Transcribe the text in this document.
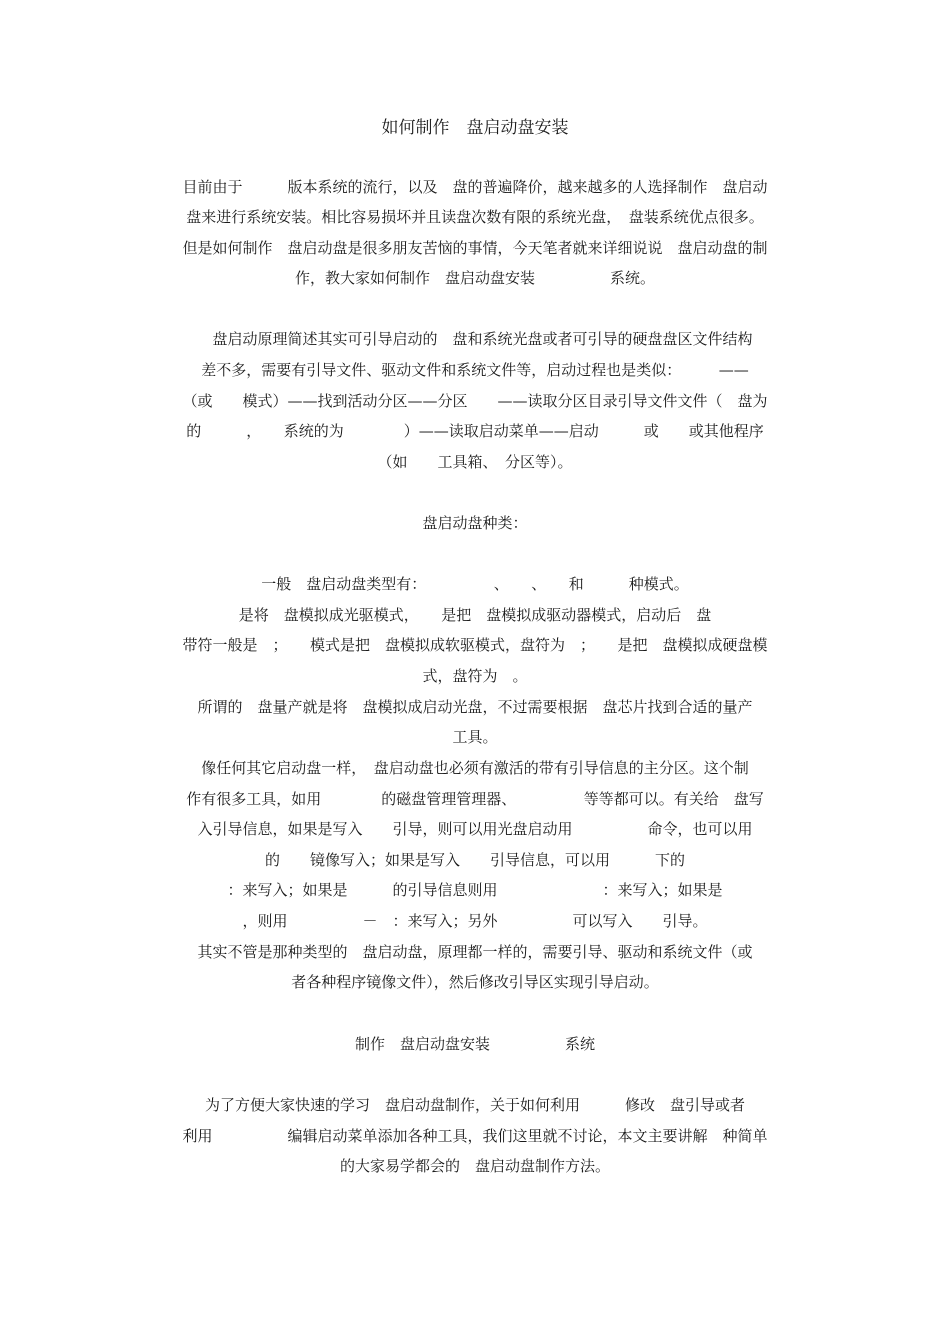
如何制作　盘启动盘安装
目前由于　　　版本系统的流行，以及　盘的普遍降价，越来越多的人选择制作　盘启动
盘来进行系统安装。相比容易损坏并且读盘次数有限的系统光盘，　盘装系统优点很多。
但是如何制作　盘启动盘是很多朋友苦恼的事情，今天笔者就来详细说说　盘启动盘的制
作，教大家如何制作　盘启动盘安装　　　　　系统。
　盘启动原理简述其实可引导启动的　盘和系统光盘或者可引导的硬盘盘区文件结构
差不多，需要有引导文件、驱动文件和系统文件等，启动过程也是类似：　　　——
（或　　模式）——找到活动分区——分区　　——读取分区目录引导文件文件（　盘为
的　　　，　　系统的为　　　　）——读取启动菜单——启动　　　或　　或其他程序
（如　　工具箱、　分区等）。
盘启动盘种类：
一般　盘启动盘类型有：　　　　　、　　、　　和　　　种模式。
是将　盘模拟成光驱模式，　　是把　盘模拟成驱动器模式，启动后　盘
带符一般是　；　　模式是把　盘模拟成软驱模式，盘符为　；　　是把　盘模拟成硬盘模
式，盘符为　。
所谓的　盘量产就是将　盘模拟成启动光盘，不过需要根据　盘芯片找到合适的量产
工具。
像任何其它启动盘一样，　盘启动盘也必须有激活的带有引导信息的主分区。这个制
作有很多工具，如用　　　　的磁盘管理管理器、　　　　　等等都可以。有关给　盘写
入引导信息，如果是写入　　引导，则可以用光盘启动用　　　　　命令，也可以用
的　　镜像写入；如果是写入　　引导信息，可以用　　　下的
：来写入；如果是　　　的引导信息则用　　　　　　　：来写入；如果是
，则用　　　　　－　：来写入；另外　　　　　可以写入　　引导。
其实不管是那种类型的　盘启动盘，原理都一样的，需要引导、驱动和系统文件（或
者各种程序镜像文件），然后修改引导区实现引导启动。
制作　盘启动盘安装　　　　　系统
为了方便大家快速的学习　盘启动盘制作，关于如何利用　　　修改　盘引导或者
利用　　　　　编辑启动菜单添加各种工具，我们这里就不讨论，本文主要讲解　种简单
的大家易学都会的　盘启动盘制作方法。
